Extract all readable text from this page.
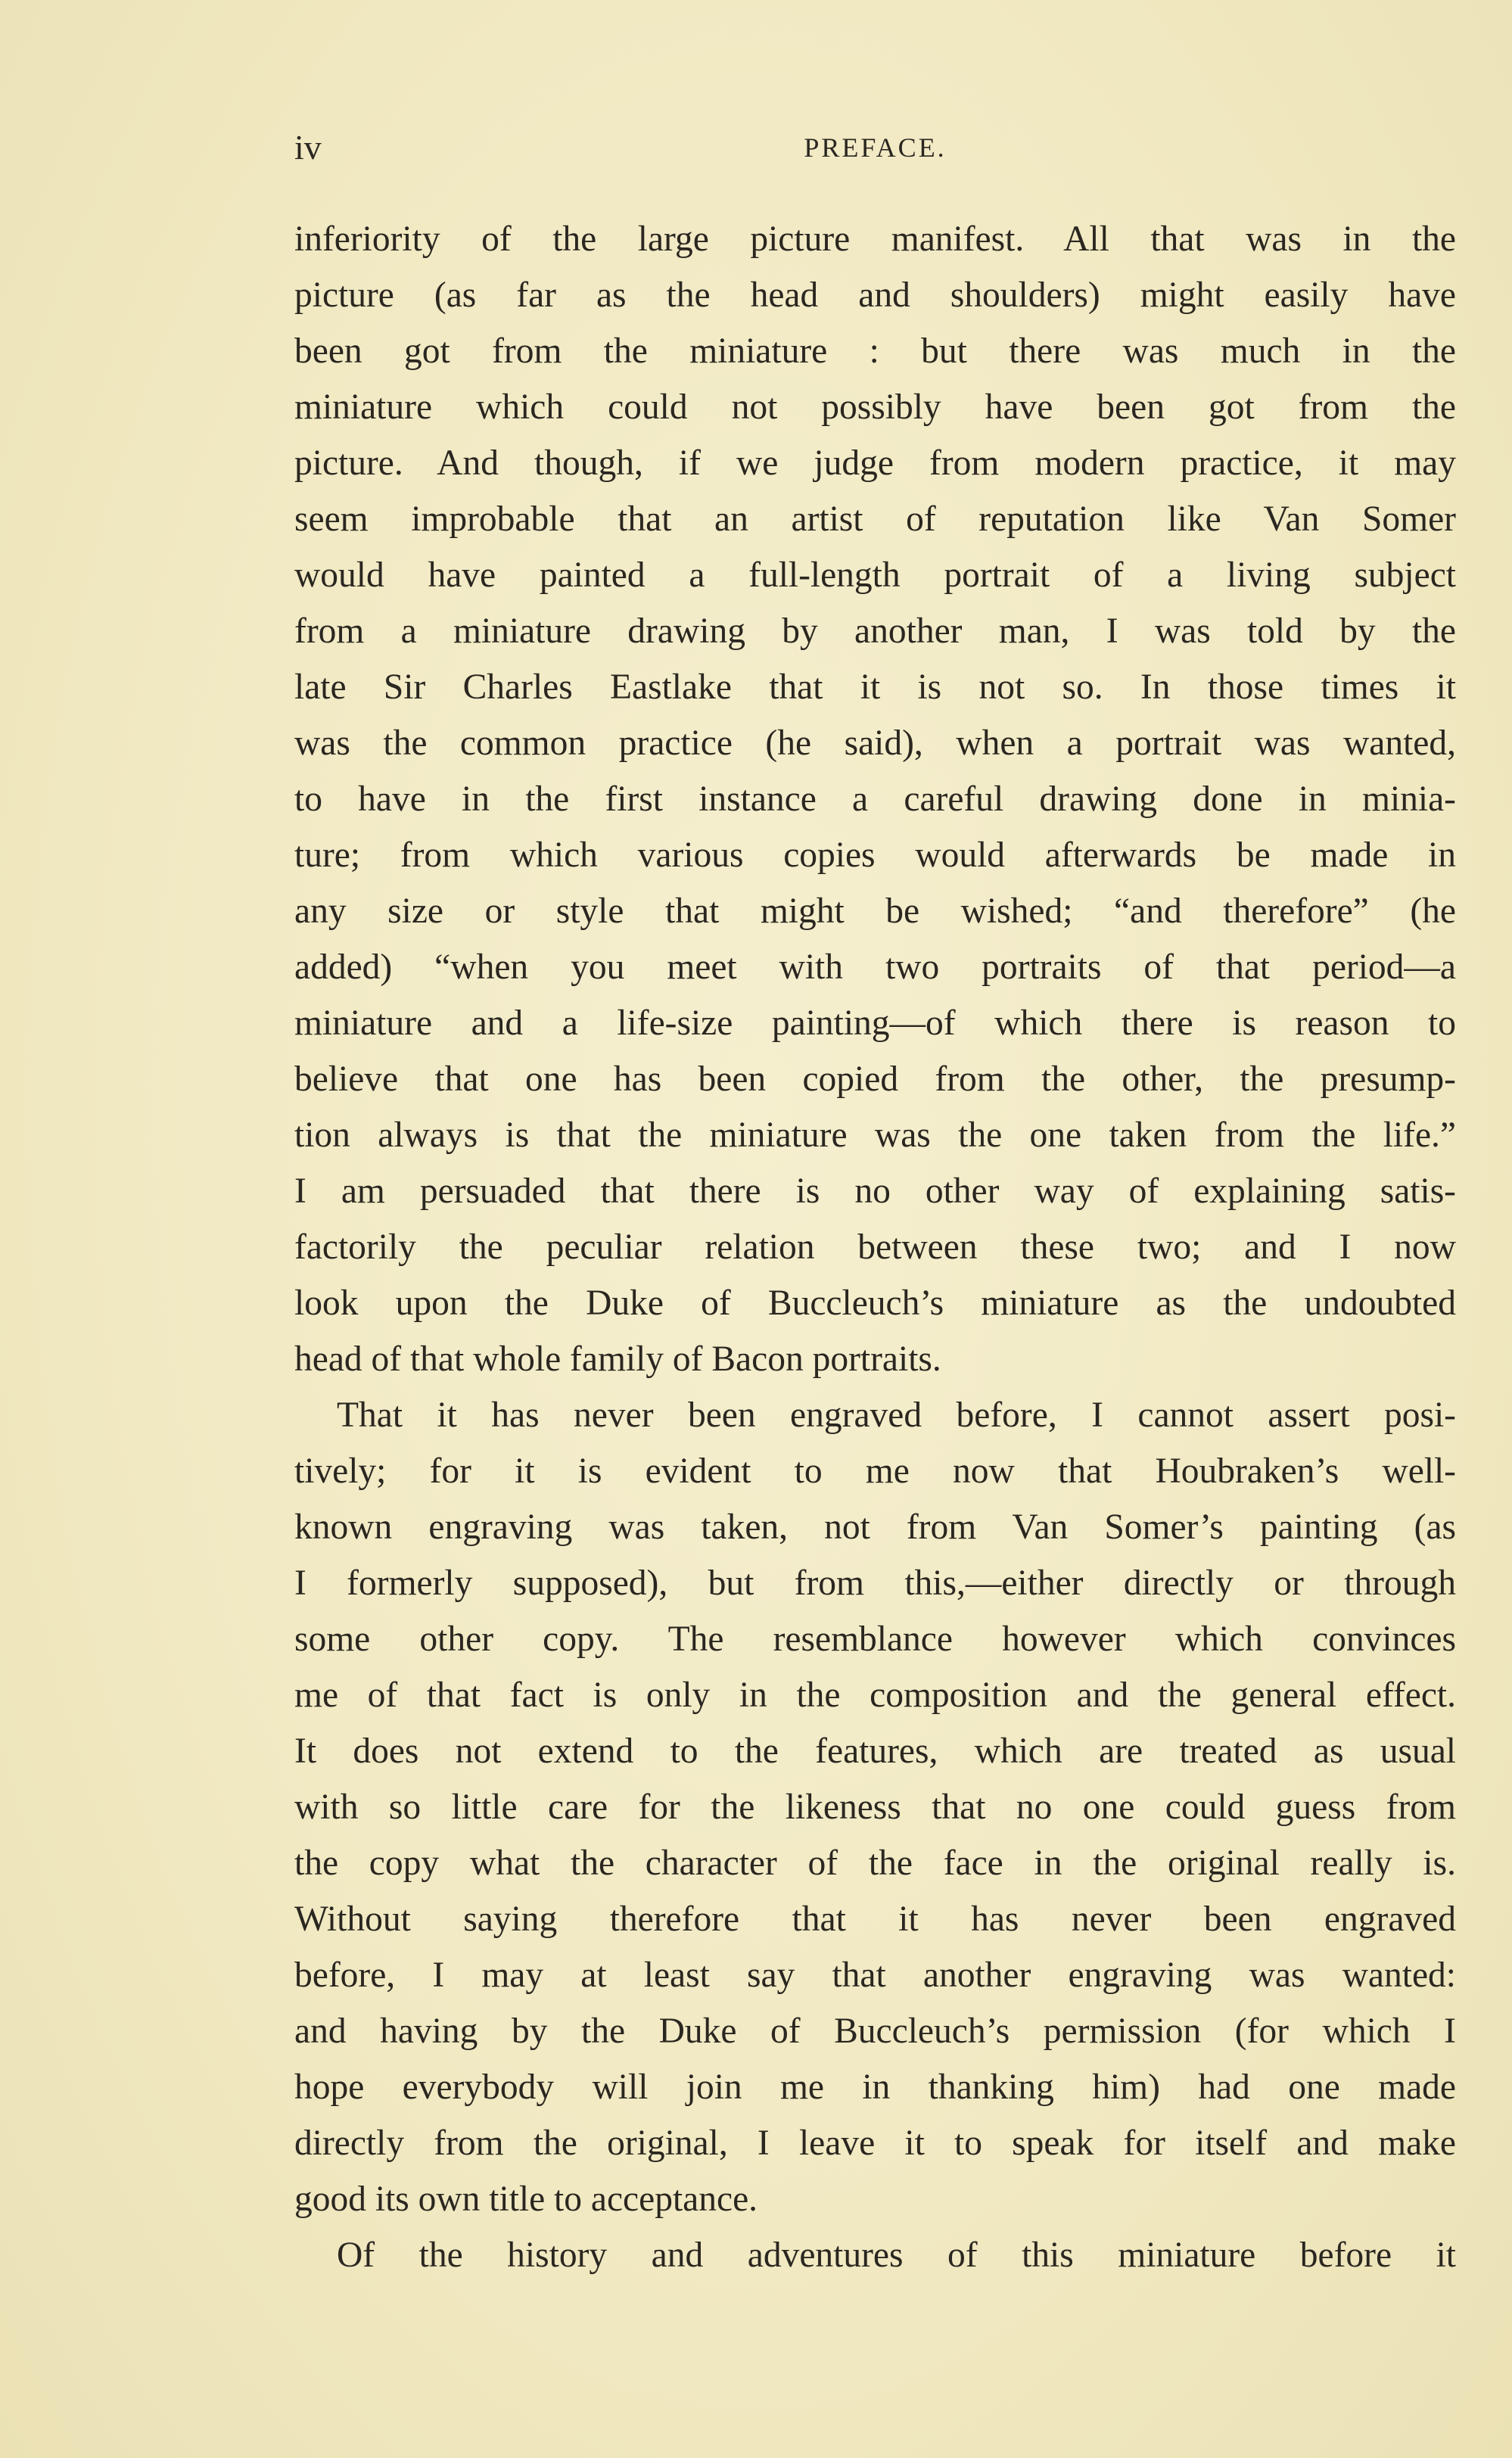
iv	PREFACE.
inferiority of the large picture manifest. All that was in the
picture (as far as the head and shoulders) might easily have
been got from the miniature : but there was much in the
miniature which could not possibly have been got from the
picture. And though, if we judge from modern practice, it may
seem improbable that an artist of reputation like Van Somer
would have painted a full-length portrait of a living subject
from a miniature drawing by another man, I was told by the
late Sir Charles Eastlake that it is not so. In those times it
was the common practice (he said), when a portrait was wanted,
to have in the first instance a careful drawing done in minia-
ture; from which various copies would afterwards be made in
any size or style that might be wished; “and therefore” (he
added) “when you meet with two portraits of that period—a
miniature and a life-size painting—of which there is reason to
believe that one has been copied from the other, the presump-
tion always is that the miniature was the one taken from the life.”
I am persuaded that there is no other way of explaining satis-
factorily the peculiar relation between these two; and I now
look upon the Duke of Buccleuch’s miniature as the undoubted
head of that whole family of Bacon portraits.
That it has never been engraved before, I cannot assert posi-
tively; for it is evident to me now that Houbraken’s well-
known engraving was taken, not from Van Somer’s painting (as
I formerly supposed), but from this,—either directly or through
some other copy. The resemblance however which convinces
me of that fact is only in the composition and the general effect.
It does not extend to the features, which are treated as usual
with so little care for the likeness that no one could guess from
the copy what the character of the face in the original really is.
Without saying therefore that it has never been engraved
before, I may at least say that another engraving was wanted:
and having by the Duke of Buccleuch’s permission (for which I
hope everybody will join me in thanking him) had one made
directly from the original, I leave it to speak for itself and make
good its own title to acceptance.
Of the history and adventures of this miniature before it
